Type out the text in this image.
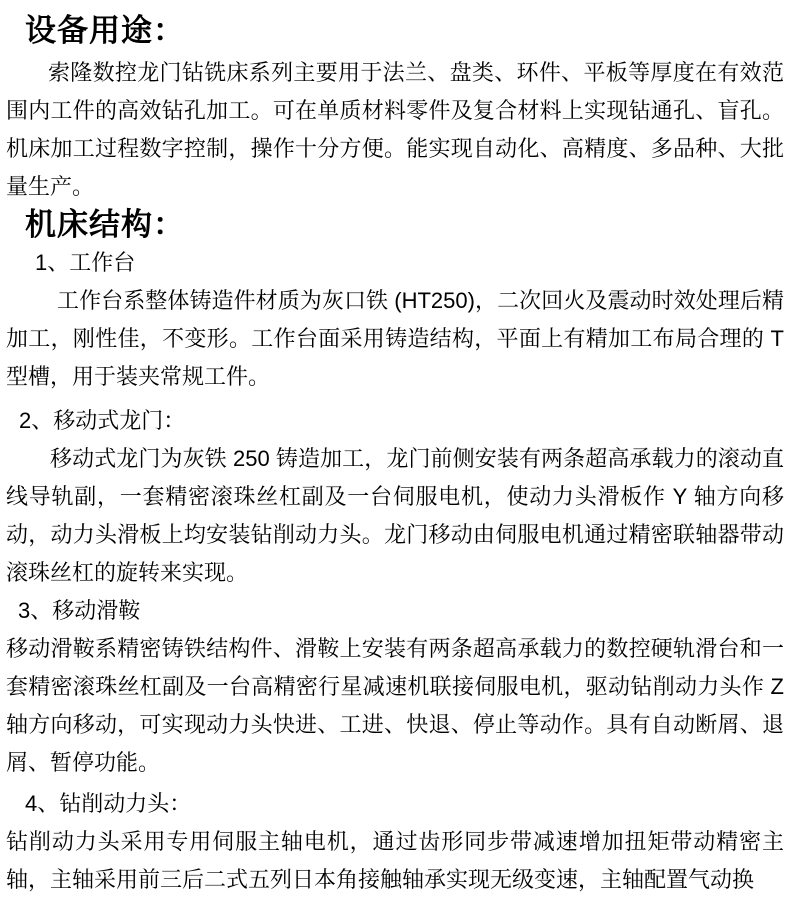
设备用途：

索隆数控龙门钻铣床系列主要用于法兰、盘类、环件、平板等厚度在有效范围内工件的高效钻孔加工。可在单质材料零件及复合材料上实现钻通孔、盲孔。机床加工过程数字控制，操作十分方便。能实现自动化、高精度、多品种、大批量生产。

机床结构：
1、工作台

工作台系整体铸造件材质为灰口铁 (HT250)，二次回火及震动时效处理后精加工，刚性佳，不变形。工作台面采用铸造结构，平面上有精加工布局合理的 T 型槽，用于装夹常规工件。

2、移动式龙门：

移动式龙门为灰铁 250 铸造加工，龙门前侧安装有两条超高承载力的滚动直线导轨副，一套精密滚珠丝杠副及一台伺服电机，使动力头滑板作 Y 轴方向移动，动力头滑板上均安装钻削动力头。龙门移动由伺服电机通过精密联轴器带动滚珠丝杠的旋转来实现。

3、移动滑鞍

移动滑鞍系精密铸铁结构件、滑鞍上安装有两条超高承载力的数控硬轨滑台和一套精密滚珠丝杠副及一台高精密行星减速机联接伺服电机，驱动钻削动力头作 Z 轴方向移动，可实现动力头快进、工进、快退、停止等动作。具有自动断屑、退屑、暂停功能。

4、钻削动力头：

钻削动力头采用专用伺服主轴电机，通过齿形同步带减速增加扭矩带动精密主轴，主轴采用前三后二式五列日本角接触轴承实现无级变速，主轴配置气动换
